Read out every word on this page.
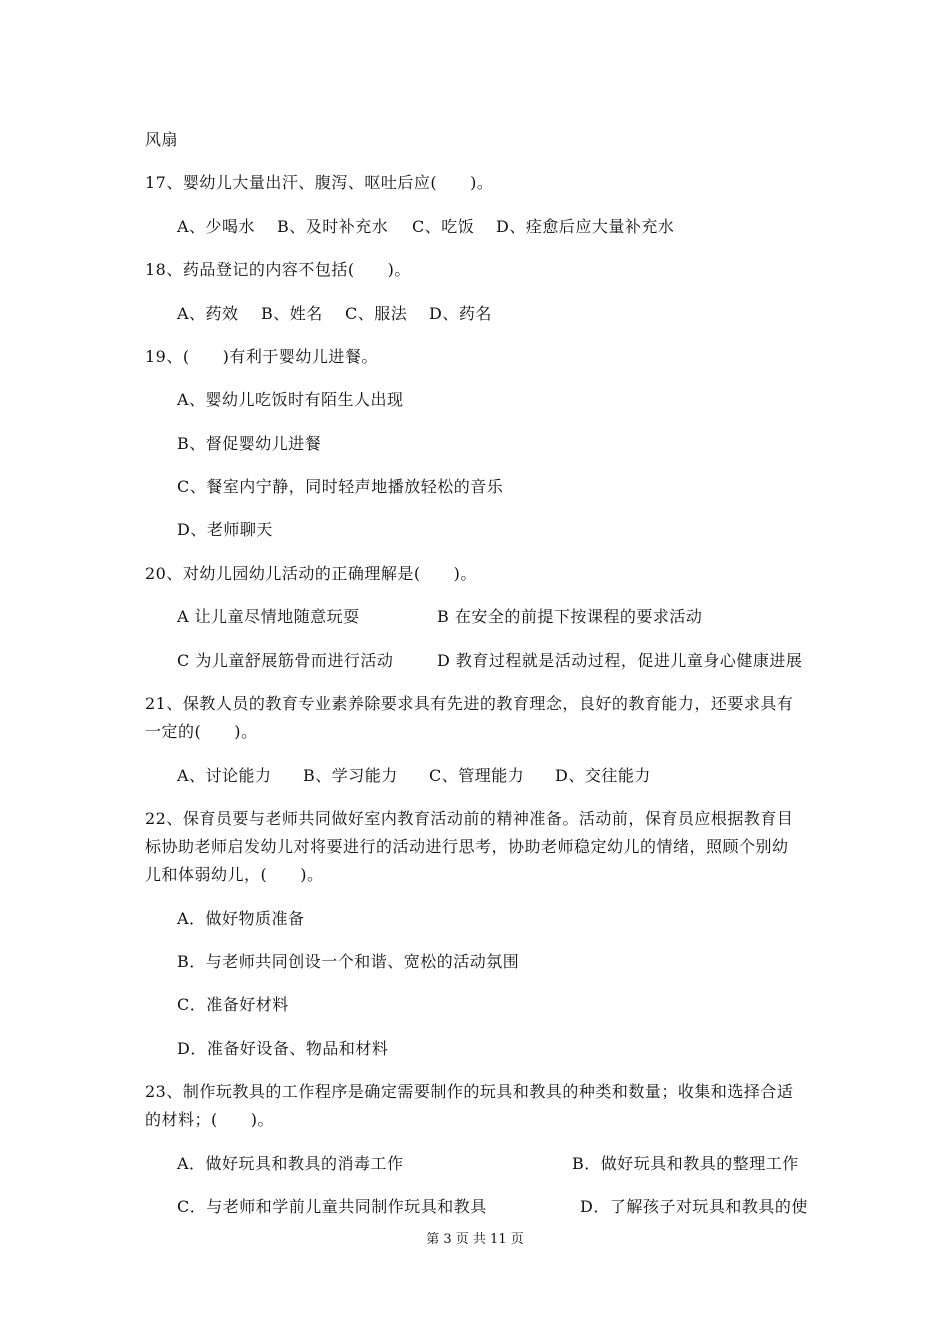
风扇
17、婴幼儿大量出汗、腹泻、呕吐后应(　　)。
A、少喝水 B、及时补充水 C、吃饭 D、痊愈后应大量补充水
18、药品登记的内容不包括(　　)。
A、药效 B、姓名 C、服法 D、药名
19、(　　)有利于婴幼儿进餐。
A、婴幼儿吃饭时有陌生人出现
B、督促婴幼儿进餐
C、餐室内宁静，同时轻声地播放轻松的音乐
D、老师聊天
20、对幼儿园幼儿活动的正确理解是(　　)。
A 让儿童尽情地随意玩耍	B 在安全的前提下按课程的要求活动
C 为儿童舒展筋骨而进行活动	D 教育过程就是活动过程，促进儿童身心健康进展
21、保教人员的教育专业素养除要求具有先进的教育理念，良好的教育能力，还要求具有
一定的(　　)。
A、讨论能力 B、学习能力 C、管理能力 D、交往能力
22、保育员要与老师共同做好室内教育活动前的精神准备。活动前，保育员应根据教育目
标协助老师启发幼儿对将要进行的活动进行思考，协助老师稳定幼儿的情绪，照顾个别幼
儿和体弱幼儿，(　　)。
A．做好物质准备
B．与老师共同创设一个和谐、宽松的活动氛围
C．准备好材料
D．准备好设备、物品和材料
23、制作玩教具的工作程序是确定需要制作的玩具和教具的种类和数量；收集和选择合适
的材料；(　　)。
A．做好玩具和教具的消毒工作	B．做好玩具和教具的整理工作
C．与老师和学前儿童共同制作玩具和教具	D．了解孩子对玩具和教具的使
第 3 页 共 11 页
